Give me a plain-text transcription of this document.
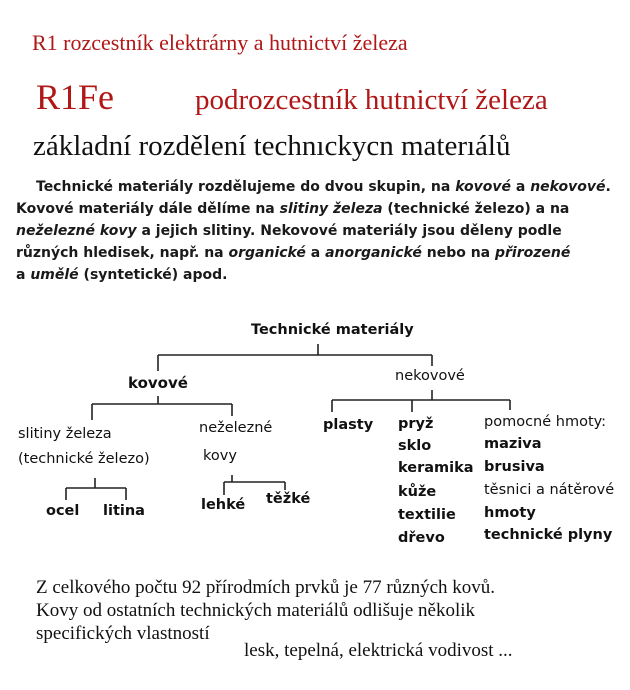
R1 rozcestník elektrárny a hutnictví železa
R1Fe	podrozcestník hutnictví železa
základní rozdělení technıckycn materıálů
Technické materiály rozdělujeme do dvou skupin, na kovové a nekovové.
Kovové materiály dále dělíme na slitiny železa (technické železo) a na
neželezné kovy a jejich slitiny. Nekovové materiály jsou děleny podle
různých hledisek, např. na organické a anorganické nebo na přirozené
a umělé (syntetické) apod.
Technické materiály
kovové	nekovové
slitiny železa
(technické železo)
neželezné
kovy
ocel litina	lehké těžké
plasty pryž
sklo
keramika
kůže
textilie
dřevo
pomocné hmoty:
maziva
brusiva
těsnici a nátěrové
hmoty
technické plyny
Z celkového počtu 92 přírodmích prvků je 77 různých kovů.
Kovy od ostatních technických materiálů odlišuje několik
specifických vlastností
lesk, tepelná, elektrická vodivost ...
